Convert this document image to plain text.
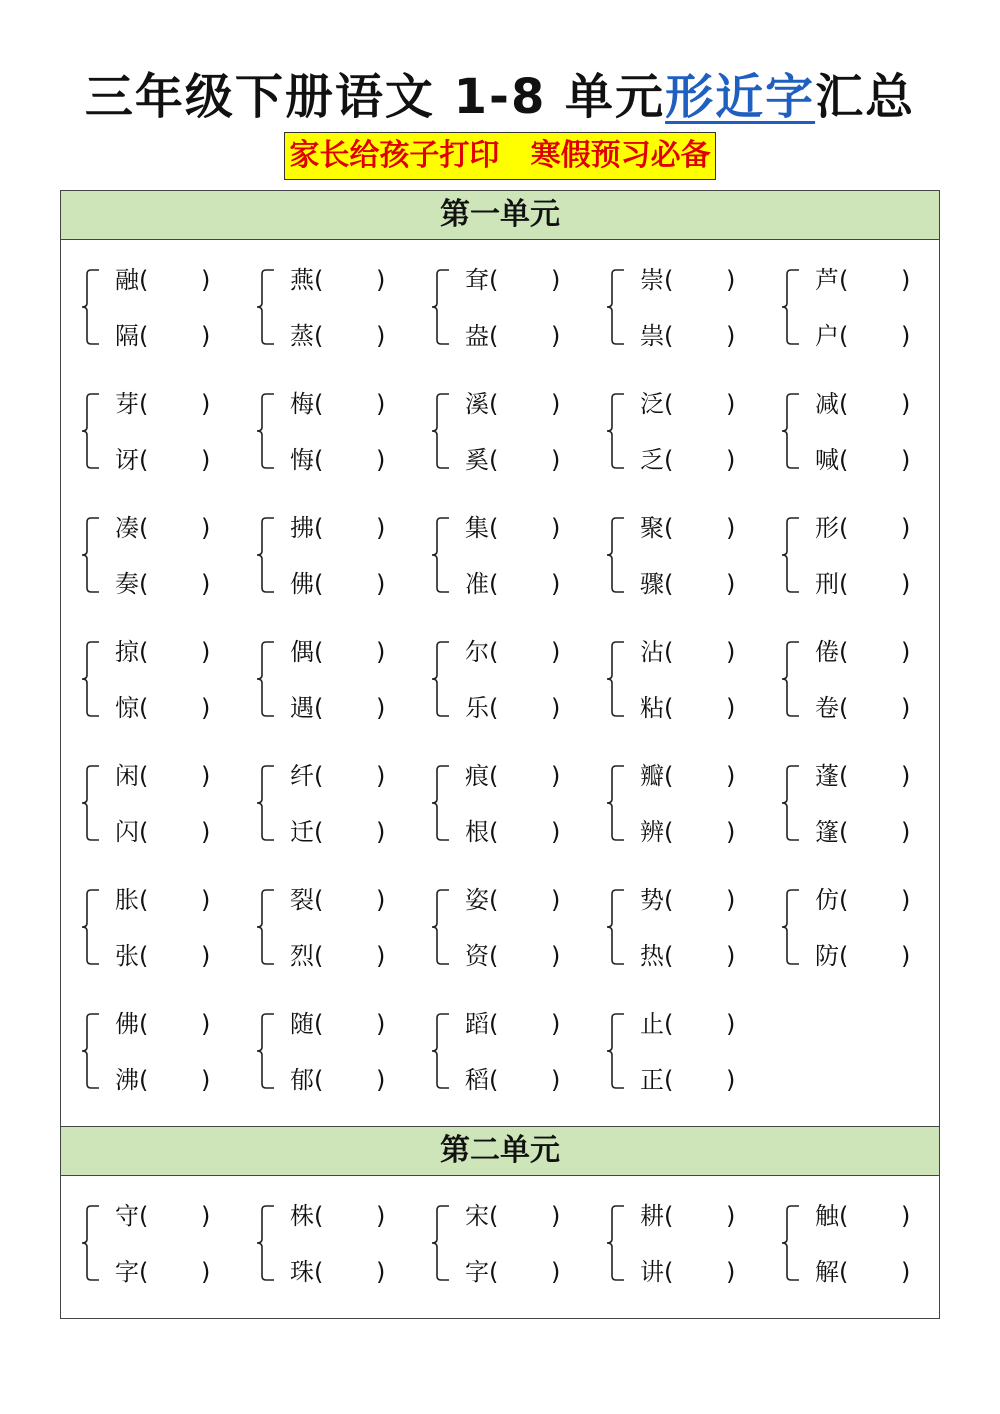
三年级下册语文 1-8 单元形近字汇总
家长给孩子打印   寒假预习必备
第一单元
融( )
隔( )
燕( )
蒸( )
耷( )
盎( )
崇( )
祟( )
芦( )
户( )
芽( )
讶( )
梅( )
悔( )
溪( )
奚( )
泛( )
乏( )
减( )
喊( )
凑( )
奏( )
拂( )
佛( )
集( )
准( )
聚( )
骤( )
形( )
刑( )
掠( )
惊( )
偶( )
遇( )
尔( )
乐( )
沾( )
粘( )
倦( )
卷( )
闲( )
闪( )
纤( )
迁( )
痕( )
根( )
瓣( )
辨( )
蓬( )
篷( )
胀( )
张( )
裂( )
烈( )
姿( )
资( )
势( )
热( )
仿( )
防( )
佛( )
沸( )
随( )
郁( )
蹈( )
稻( )
止( )
正( )
第二单元
守( )
字( )
株( )
珠( )
宋( )
字( )
耕( )
讲( )
触( )
解( )
